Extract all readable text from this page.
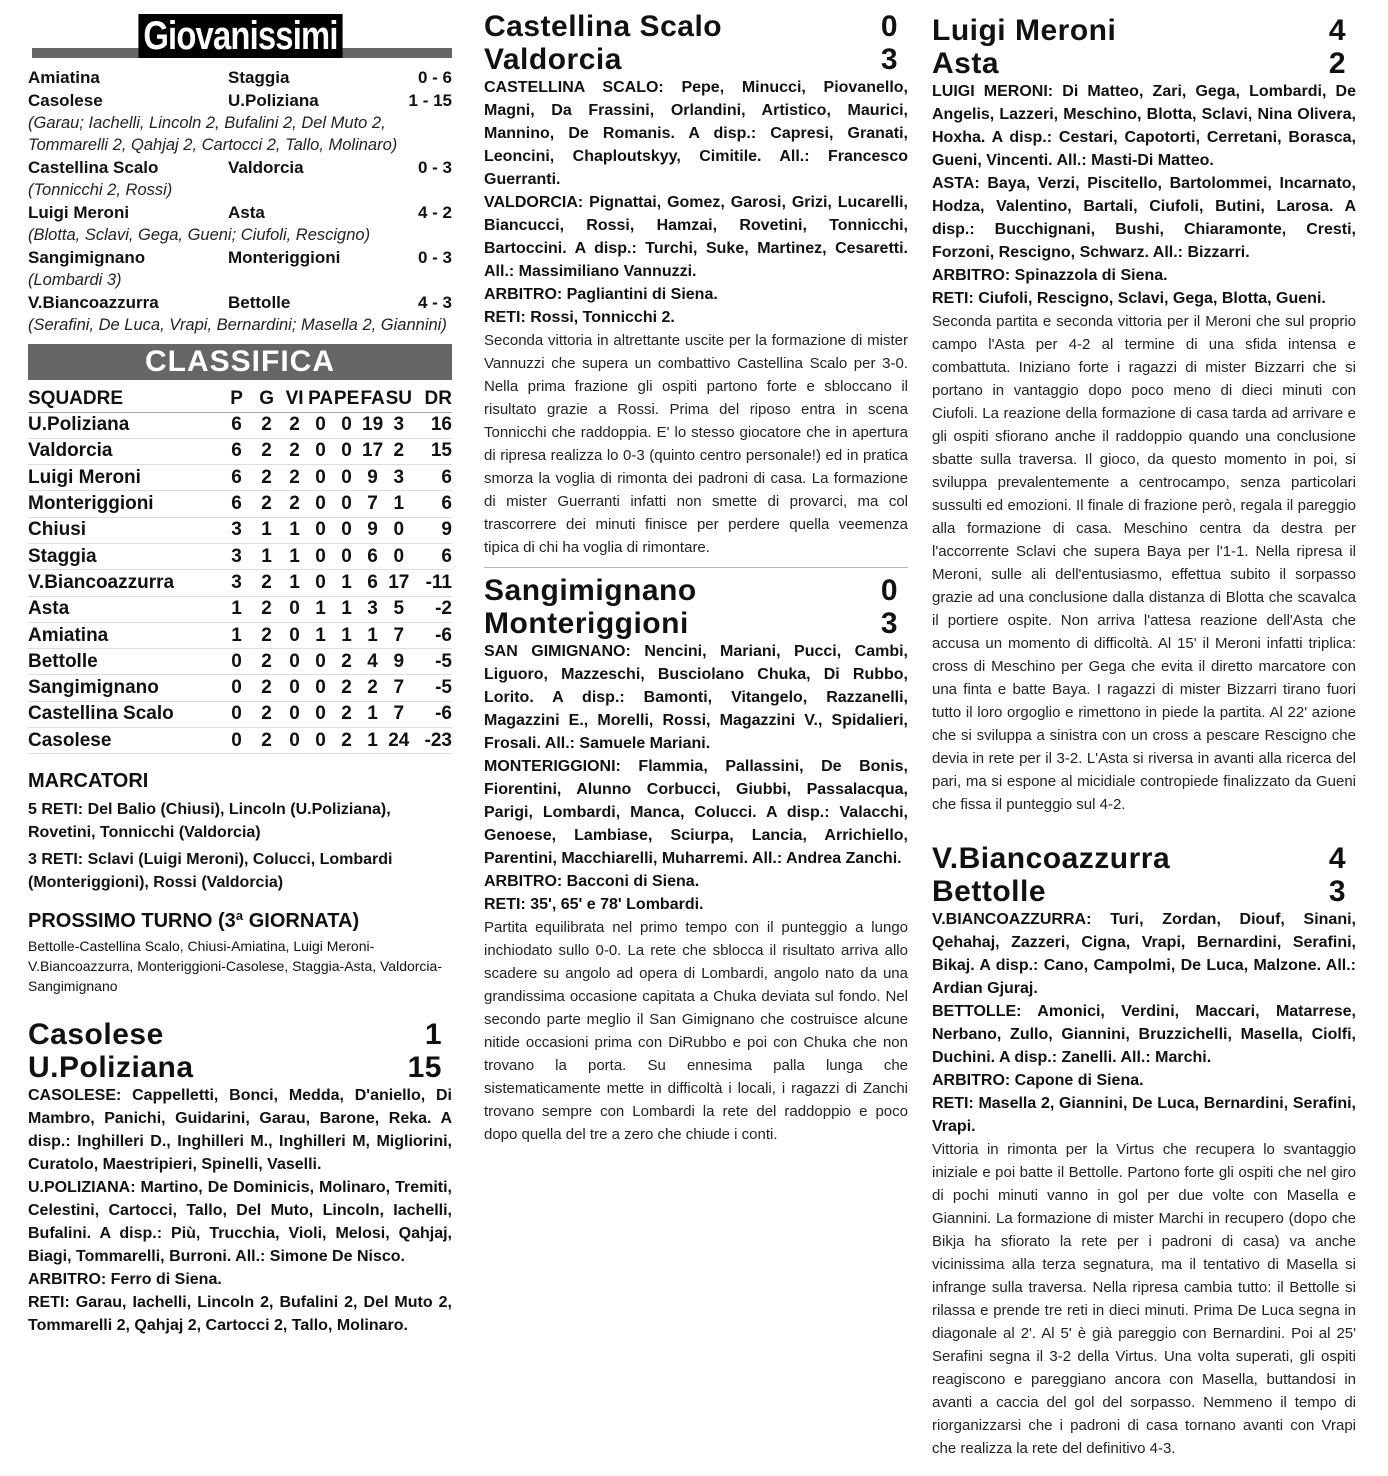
Giovanissimi
Amiatina	Staggia	0 - 6
Casolese	U.Poliziana	1 - 15
(Garau; Iachelli, Lincoln 2, Bufalini 2, Del Muto 2, Tommarelli 2, Qahjaj 2, Cartocci 2, Tallo, Molinaro)
Castellina Scalo	Valdorcia	0 - 3
(Tonnicchi 2, Rossi)
Luigi Meroni	Asta	4 - 2
(Blotta, Sclavi, Gega, Gueni; Ciufoli, Rescigno)
Sangimignano	Monteriggioni	0 - 3
(Lombardi 3)
V.Biancoazzurra	Bettolle	4 - 3
(Serafini, De Luca, Vrapi, Bernardini; Masella 2, Giannini)
CLASSIFICA
SQUADRE	P	G	VI	PA	PE	FA	SU	DR
U.Poliziana	6	2	2	0	0	19	3	16
Valdorcia	6	2	2	0	0	17	2	15
Luigi Meroni	6	2	2	0	0	9	3	6
Monteriggioni	6	2	2	0	0	7	1	6
Chiusi	3	1	1	0	0	9	0	9
Staggia	3	1	1	0	0	6	0	6
V.Biancoazzurra	3	2	1	0	1	6	17	-11
Asta	1	2	0	1	1	3	5	-2
Amiatina	1	2	0	1	1	1	7	-6
Bettolle	0	2	0	0	2	4	9	-5
Sangimignano	0	2	0	0	2	2	7	-5
Castellina Scalo	0	2	0	0	2	1	7	-6
Casolese	0	2	0	0	2	1	24	-23
MARCATORI
5 RETI: Del Balio (Chiusi), Lincoln (U.Poliziana), Rovetini, Tonnicchi (Valdorcia)
3 RETI: Sclavi (Luigi Meroni), Colucci, Lombardi (Monteriggioni), Rossi (Valdorcia)
PROSSIMO TURNO (3ª GIORNATA)
Bettolle-Castellina Scalo, Chiusi-Amiatina, Luigi Meroni-V.Biancoazzurra, Monteriggioni-Casolese, Staggia-Asta, Valdorcia-Sangimignano
Casolese	1
U.Poliziana	15
CASOLESE: Cappelletti, Bonci, Medda, D'aniello, Di Mambro, Panichi, Guidarini, Garau, Barone, Reka. A disp.: Inghilleri D., Inghilleri M., Inghilleri M, Migliorini, Curatolo, Maestripieri, Spinelli, Vaselli.
U.POLIZIANA: Martino, De Dominicis, Molinaro, Tremiti, Celestini, Cartocci, Tallo, Del Muto, Lincoln, Iachelli, Bufalini. A disp.: Più, Trucchia, Violi, Melosi, Qahjaj, Biagi, Tommarelli, Burroni. All.: Simone De Nisco.
ARBITRO: Ferro di Siena.
RETI: Garau, Iachelli, Lincoln 2, Bufalini 2, Del Muto 2, Tommarelli 2, Qahjaj 2, Cartocci 2, Tallo, Molinaro.
Castellina Scalo	0
Valdorcia	3
CASTELLINA SCALO: Pepe, Minucci, Piovanello, Magni, Da Frassini, Orlandini, Artistico, Maurici, Mannino, De Romanis. A disp.: Capresi, Granati, Leoncini, Chaploutskyy, Cimitile. All.: Francesco Guerranti.
VALDORCIA: Pignattai, Gomez, Garosi, Grizi, Lucarelli, Biancucci, Rossi, Hamzai, Rovetini, Tonnicchi, Bartoccini. A disp.: Turchi, Suke, Martinez, Cesaretti. All.: Massimiliano Vannuzzi.
ARBITRO: Pagliantini di Siena.
RETI: Rossi, Tonnicchi 2.
Seconda vittoria in altrettante uscite per la formazione di mister Vannuzzi che supera un combattivo Castellina Scalo per 3-0. Nella prima frazione gli ospiti partono forte e sbloccano il risultato grazie a Rossi. Prima del riposo entra in scena Tonnicchi che raddoppia. E' lo stesso giocatore che in apertura di ripresa realizza lo 0-3 (quinto centro personale!) ed in pratica smorza la voglia di rimonta dei padroni di casa. La formazione di mister Guerranti infatti non smette di provarci, ma col trascorrere dei minuti finisce per perdere quella veemenza tipica di chi ha voglia di rimontare.
Sangimignano	0
Monteriggioni	3
SAN GIMIGNANO: Nencini, Mariani, Pucci, Cambi, Liguoro, Mazzeschi, Busciolano Chuka, Di Rubbo, Lorito. A disp.: Bamonti, Vitangelo, Razzanelli, Magazzini E., Morelli, Rossi, Magazzini V., Spidalieri, Frosali. All.: Samuele Mariani.
MONTERIGGIONI: Flammia, Pallassini, De Bonis, Fiorentini, Alunno Corbucci, Giubbi, Passalacqua, Parigi, Lombardi, Manca, Colucci. A disp.: Valacchi, Genoese, Lambiase, Sciurpa, Lancia, Arrichiello, Parentini, Macchiarelli, Muharremi. All.: Andrea Zanchi.
ARBITRO: Bacconi di Siena.
RETI: 35', 65' e 78' Lombardi.
Partita equilibrata nel primo tempo con il punteggio a lungo inchiodato sullo 0-0. La rete che sblocca il risultato arriva allo scadere su angolo ad opera di Lombardi, angolo nato da una grandissima occasione capitata a Chuka deviata sul fondo. Nel secondo parte meglio il San Gimignano che costruisce alcune nitide occasioni prima con DiRubbo e poi con Chuka che non trovano la porta. Su ennesima palla lunga che sistematicamente mette in difficoltà i locali, i ragazzi di Zanchi trovano sempre con Lombardi la rete del raddoppio e poco dopo quella del tre a zero che chiude i conti.
Luigi Meroni	4
Asta	2
LUIGI MERONI: Di Matteo, Zari, Gega, Lombardi, De Angelis, Lazzeri, Meschino, Blotta, Sclavi, Nina Olivera, Hoxha. A disp.: Cestari, Capotorti, Cerretani, Borasca, Gueni, Vincenti. All.: Masti-Di Matteo.
ASTA: Baya, Verzi, Piscitello, Bartolommei, Incarnato, Hodza, Valentino, Bartali, Ciufoli, Butini, Larosa. A disp.: Bucchignani, Bushi, Chiaramonte, Cresti, Forzoni, Rescigno, Schwarz. All.: Bizzarri.
ARBITRO: Spinazzola di Siena.
RETI: Ciufoli, Rescigno, Sclavi, Gega, Blotta, Gueni.
Seconda partita e seconda vittoria per il Meroni che sul proprio campo l'Asta per 4-2 al termine di una sfida intensa e combattuta. Iniziano forte i ragazzi di mister Bizzarri che si portano in vantaggio dopo poco meno di dieci minuti con Ciufoli. La reazione della formazione di casa tarda ad arrivare e gli ospiti sfiorano anche il raddoppio quando una conclusione sbatte sulla traversa. Il gioco, da questo momento in poi, si sviluppa prevalentemente a centrocampo, senza particolari sussulti ed emozioni. Il finale di frazione però, regala il pareggio alla formazione di casa. Meschino centra da destra per l'accorrente Sclavi che supera Baya per l'1-1. Nella ripresa il Meroni, sulle ali dell'entusiasmo, effettua subito il sorpasso grazie ad una conclusione dalla distanza di Blotta che scavalca il portiere ospite. Non arriva l'attesa reazione dell'Asta che accusa un momento di difficoltà. Al 15' il Meroni infatti triplica: cross di Meschino per Gega che evita il diretto marcatore con una finta e batte Baya. I ragazzi di mister Bizzarri tirano fuori tutto il loro orgoglio e rimettono in piede la partita. Al 22' azione che si sviluppa a sinistra con un cross a pescare Rescigno che devia in rete per il 3-2. L'Asta si riversa in avanti alla ricerca del pari, ma si espone al micidiale contropiede finalizzato da Gueni che fissa il punteggio sul 4-2.
V.Biancoazzurra	4
Bettolle	3
V.BIANCOAZZURRA: Turi, Zordan, Diouf, Sinani, Qehahaj, Zazzeri, Cigna, Vrapi, Bernardini, Serafini, Bikaj. A disp.: Cano, Campolmi, De Luca, Malzone. All.: Ardian Gjuraj.
BETTOLLE: Amonici, Verdini, Maccari, Matarrese, Nerbano, Zullo, Giannini, Bruzzichelli, Masella, Ciolfi, Duchini. A disp.: Zanelli. All.: Marchi.
ARBITRO: Capone di Siena.
RETI: Masella 2, Giannini, De Luca, Bernardini, Serafini, Vrapi.
Vittoria in rimonta per la Virtus che recupera lo svantaggio iniziale e poi batte il Bettolle. Partono forte gli ospiti che nel giro di pochi minuti vanno in gol per due volte con Masella e Giannini. La formazione di mister Marchi in recupero (dopo che Bikja ha sfiorato la rete per i padroni di casa) va anche vicinissima alla terza segnatura, ma il tentativo di Masella si infrange sulla traversa. Nella ripresa cambia tutto: il Bettolle si rilassa e prende tre reti in dieci minuti. Prima De Luca segna in diagonale al 2'. Al 5' è già pareggio con Bernardini. Poi al 25' Serafini segna il 3-2 della Virtus. Una volta superati, gli ospiti reagiscono e pareggiano ancora con Masella, buttandosi in avanti a caccia del gol del sorpasso. Nemmeno il tempo di riorganizzarsi che i padroni di casa tornano avanti con Vrapi che realizza la rete del definitivo 4-3.
